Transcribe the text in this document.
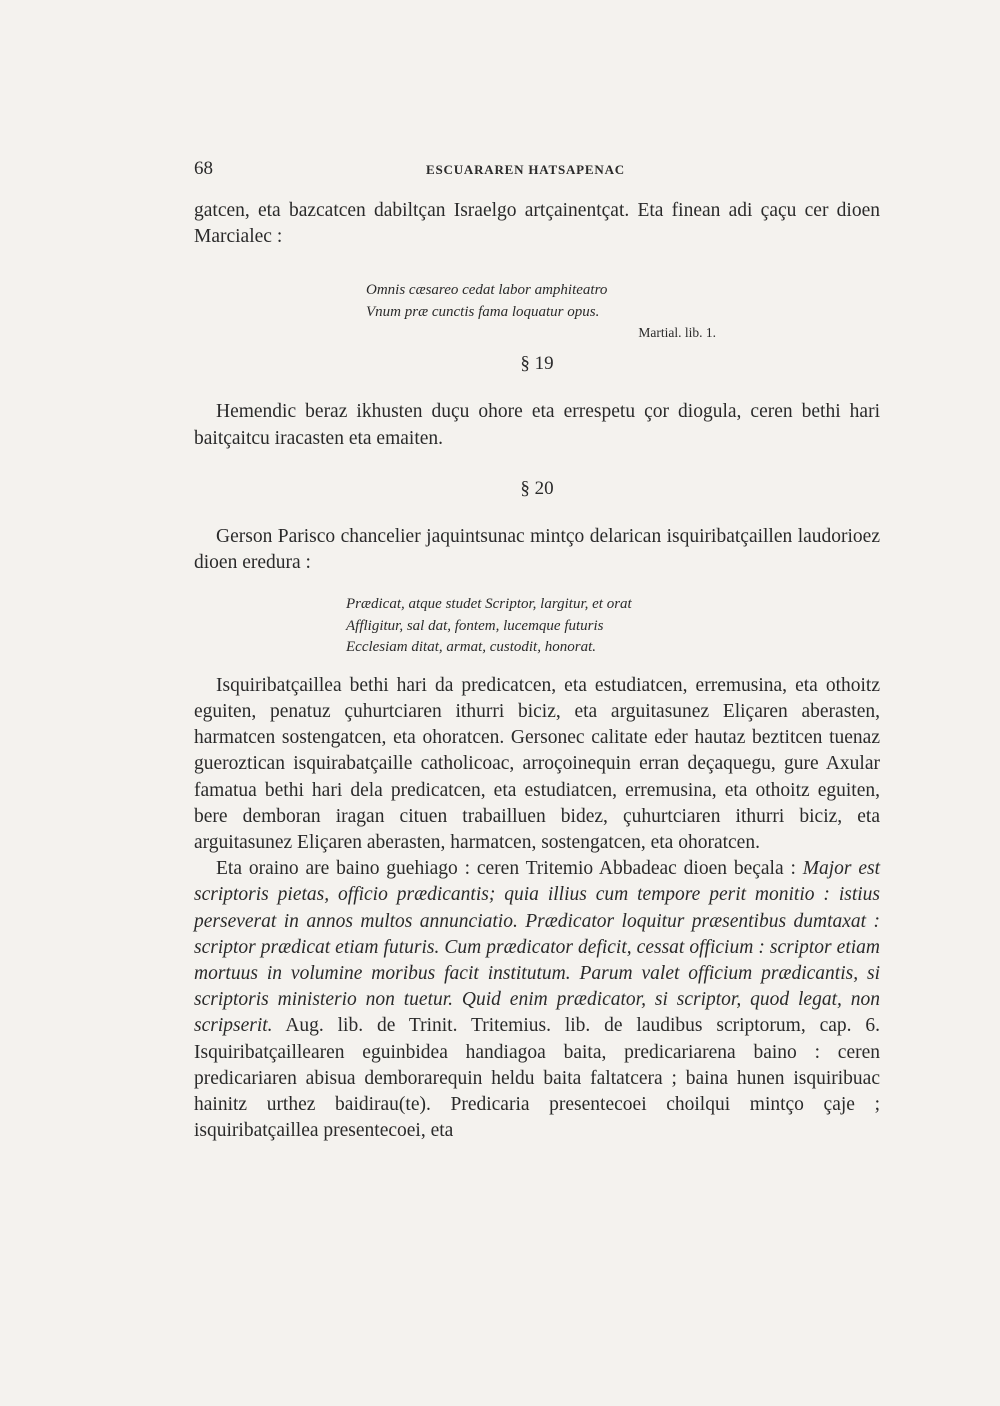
68	ESCUARAREN HATSAPENAC

gatcen, eta bazcatcen dabiltçan Israelgo artçainentçat. Eta finean adi çaçu cer dioen Marcialec :

Omnis cæsareo cedat labor amphiteatro
Vnum præ cunctis fama loquatur opus.
Martial. lib. 1.
§ 19

Hemendic beraz ikhusten duçu ohore eta errespetu çor diogula, ceren bethi hari baitçaitcu iracasten eta emaiten.

§ 20

Gerson Parisco chancelier jaquintsunac mintço delarican isquiribatçaillen laudorioez dioen eredura :

Prædicat, atque studet Scriptor, largitur, et orat
Affligitur, sal dat, fontem, lucemque futuris
Ecclesiam ditat, armat, custodit, honorat.

Isquiribatçaillea bethi hari da predicatcen, eta estudiatcen, erremusina, eta othoitz eguiten, penatuz çuhurtciaren ithurri biciz, eta arguitasunez Eliçaren aberasten, harmatcen sostengatcen, eta ohoratcen. Gersonec calitate eder hautaz beztitcen tuenaz gueroztican isquirabatçaille catholicoac, arroçoinequin erran deçaquegu, gure Axular famatua bethi hari dela predicatcen, eta estudiatcen, erremusina, eta othoitz eguiten, bere demboran iragan cituen trabailluen bidez, çuhurtciaren ithurri biciz, eta arguitasunez Eliçaren aberasten, harmatcen, sostengatcen, eta ohoratcen.

Eta oraino are baino guehiago : ceren Tritemio Abbadeac dioen beçala : Major est scriptoris pietas, officio prædicantis; quia illius cum tempore perit monitio : istius perseverat in annos multos annunciatio. Prædicator loquitur præsentibus dumtaxat : scriptor prædicat etiam futuris. Cum prædicator deficit, cessat officium : scriptor etiam mortuus in volumine moribus facit institutum. Parum valet officium prædicantis, si scriptoris ministerio non tuetur. Quid enim prædicator, si scriptor, quod legat, non scripserit. Aug. lib. de Trinit. Tritemius. lib. de laudibus scriptorum, cap. 6. Isquiribatçaillearen eguinbidea handiagoa baita, predicariarena baino : ceren predicariaren abisua demborarequin heldu baita faltatcera ; baina hunen isquiribuac hainitz urthez baidirau(te). Predicaria presentecoei choilqui mintço çaje ; isquiribatçaillea presentecoei, eta
